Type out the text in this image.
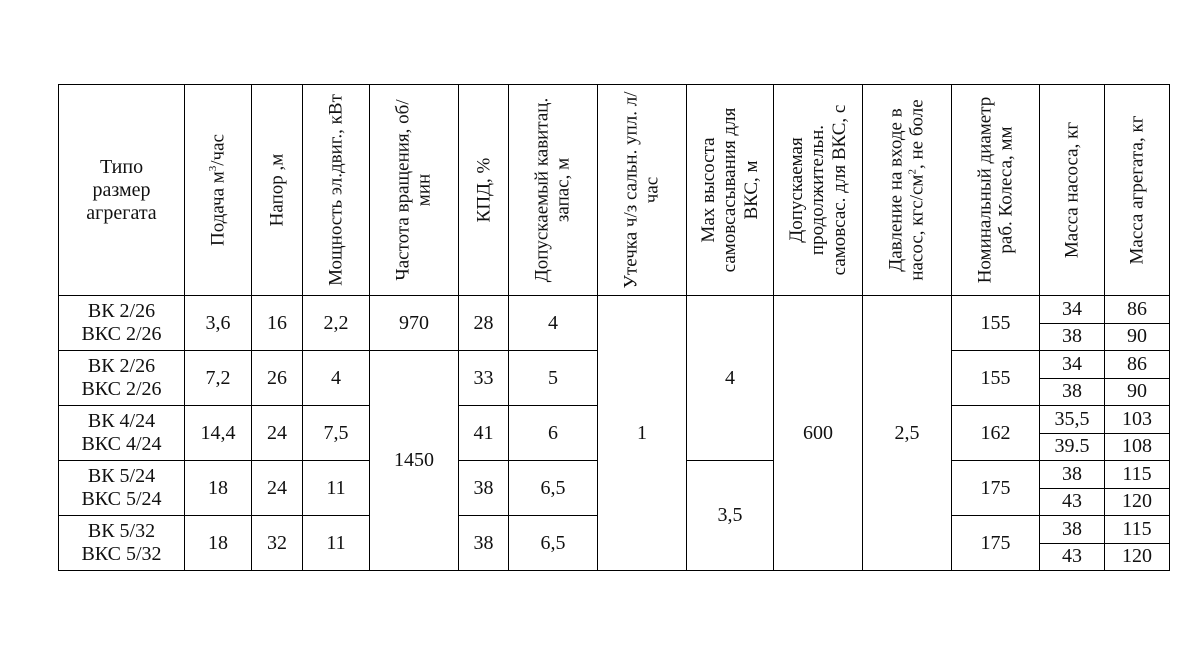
Типо
размер
агрегата	Подача $м^3$/час	Напор ,м	Мощность эл.двиг., кВт	Частота вращения, об/мин	КПД, %	Допускаемый кавитац. запас, м	Утечка ч/з сальн. упл. л/час	Max высоста самовсасывания для ВКС, м	Допускаемая продолжительн. самовсас. для ВКС, с	Давление на входе в насос, кгс/$см^2$, не боле	Номинальный диаметр раб. Колеса, мм	Масса насоса, кг	Масса агрегата, кг

ВК 2/26
ВКС 2/26	3,6	16	2,2	970	28	4	1	4	600	2,5	155	34	86
												38	90

ВК 2/26
ВКС 2/26	7,2	26	4	1450	33	5					155	34	86
												38	90

ВК 4/24
ВКС 4/24	14,4	24	7,5		41	6					162	35,5	103
												39.5	108

ВК 5/24
ВКС 5/24	18	24	11		38	6,5		3,5			175	38	115
												43	120

ВК 5/32
ВКС 5/32	18	32	11		38	6,5					175	38	115
												43	120
